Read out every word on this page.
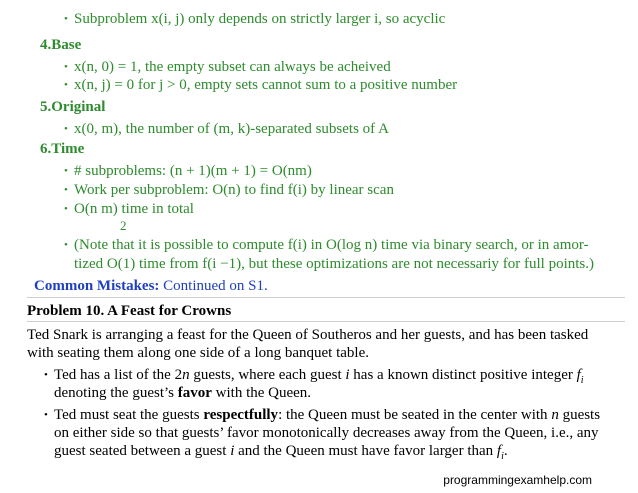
• Subproblem x(i, j) only depends on strictly larger i, so acyclic
4.Base
• x(n, 0) = 1, the empty subset can always be acheived
• x(n, j) = 0 for j > 0, empty sets cannot sum to a positive number
5.Original
• x(0, m), the number of (m, k)-separated subsets of A
6.Time
• # subproblems: (n + 1)(m + 1) = O(nm)
• Work per subproblem: O(n) to find f(i) by linear scan
• O(n m) time in total
2
• (Note that it is possible to compute f(i) in O(log n) time via binary search, or in amor-
tized O(1) time from f(i −1), but these optimizations are not necessariy for full points.)
Common Mistakes: Continued on S1.
Problem 10. A Feast for Crowns
Ted Snark is arranging a feast for the Queen of Southeros and her guests, and has been tasked
with seating them along one side of a long banquet table.
• Ted has a list of the 2n guests, where each guest i has a known distinct positive integer $f_i$
denoting the guest’s favor with the Queen.
• Ted must seat the guests respectfully: the Queen must be seated in the center with n guests
on either side so that guests’ favor monotonically decreases away from the Queen, i.e., any
guest seated between a guest i and the Queen must have favor larger than $f_i$.
programmingexamhelp.com
